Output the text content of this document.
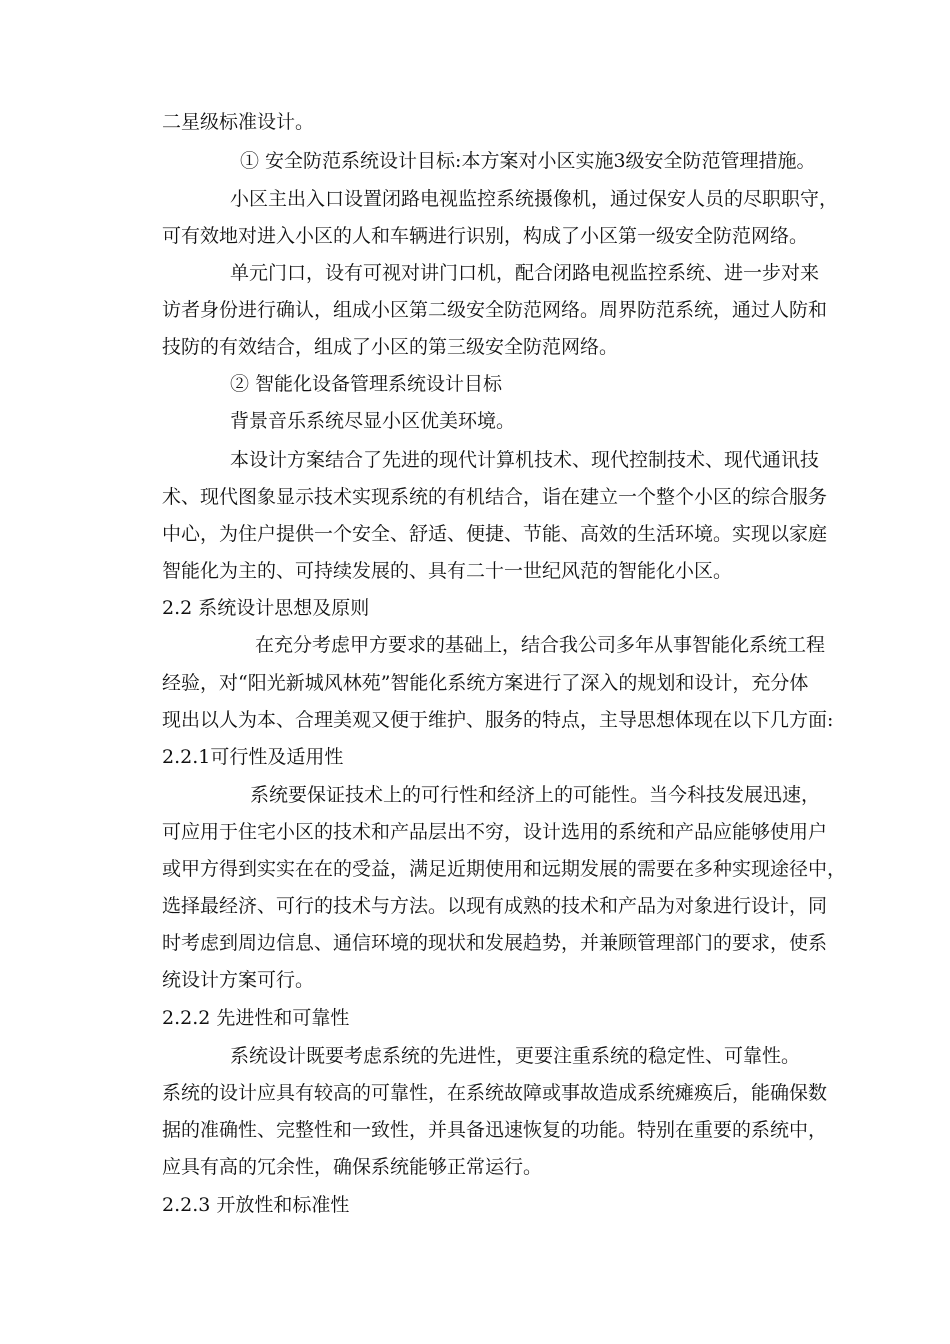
二星级标准设计。

① 安全防范系统设计目标:本方案对小区实施3级安全防范管理措施。

小区主出入口设置闭路电视监控系统摄像机，通过保安人员的尽职职守，

可有效地对进入小区的人和车辆进行识别，构成了小区第一级安全防范网络。

单元门口，设有可视对讲门口机，配合闭路电视监控系统、进一步对来

访者身份进行确认，组成小区第二级安全防范网络。周界防范系统，通过人防和

技防的有效结合，组成了小区的第三级安全防范网络。

② 智能化设备管理系统设计目标

背景音乐系统尽显小区优美环境。

本设计方案结合了先进的现代计算机技术、现代控制技术、现代通讯技

术、现代图象显示技术实现系统的有机结合，诣在建立一个整个小区的综合服务

中心，为住户提供一个安全、舒适、便捷、节能、高效的生活环境。实现以家庭

智能化为主的、可持续发展的、具有二十一世纪风范的智能化小区。

2.2 系统设计思想及原则

在充分考虑甲方要求的基础上，结合我公司多年从事智能化系统工程

经验，对“阳光新城风林苑”智能化系统方案进行了深入的规划和设计，充分体

现出以人为本、合理美观又便于维护、服务的特点，主导思想体现在以下几方面:

2.2.1可行性及适用性

系统要保证技术上的可行性和经济上的可能性。当今科技发展迅速，

可应用于住宅小区的技术和产品层出不穷，设计选用的系统和产品应能够使用户

或甲方得到实实在在的受益，满足近期使用和远期发展的需要在多种实现途径中，

选择最经济、可行的技术与方法。以现有成熟的技术和产品为对象进行设计，同

时考虑到周边信息、通信环境的现状和发展趋势，并兼顾管理部门的要求，使系

统设计方案可行。

2.2.2 先进性和可靠性

系统设计既要考虑系统的先进性，更要注重系统的稳定性、可靠性。

系统的设计应具有较高的可靠性，在系统故障或事故造成系统瘫痪后，能确保数

据的准确性、完整性和一致性，并具备迅速恢复的功能。特别在重要的系统中，

应具有高的冗余性，确保系统能够正常运行。

2.2.3 开放性和标准性
